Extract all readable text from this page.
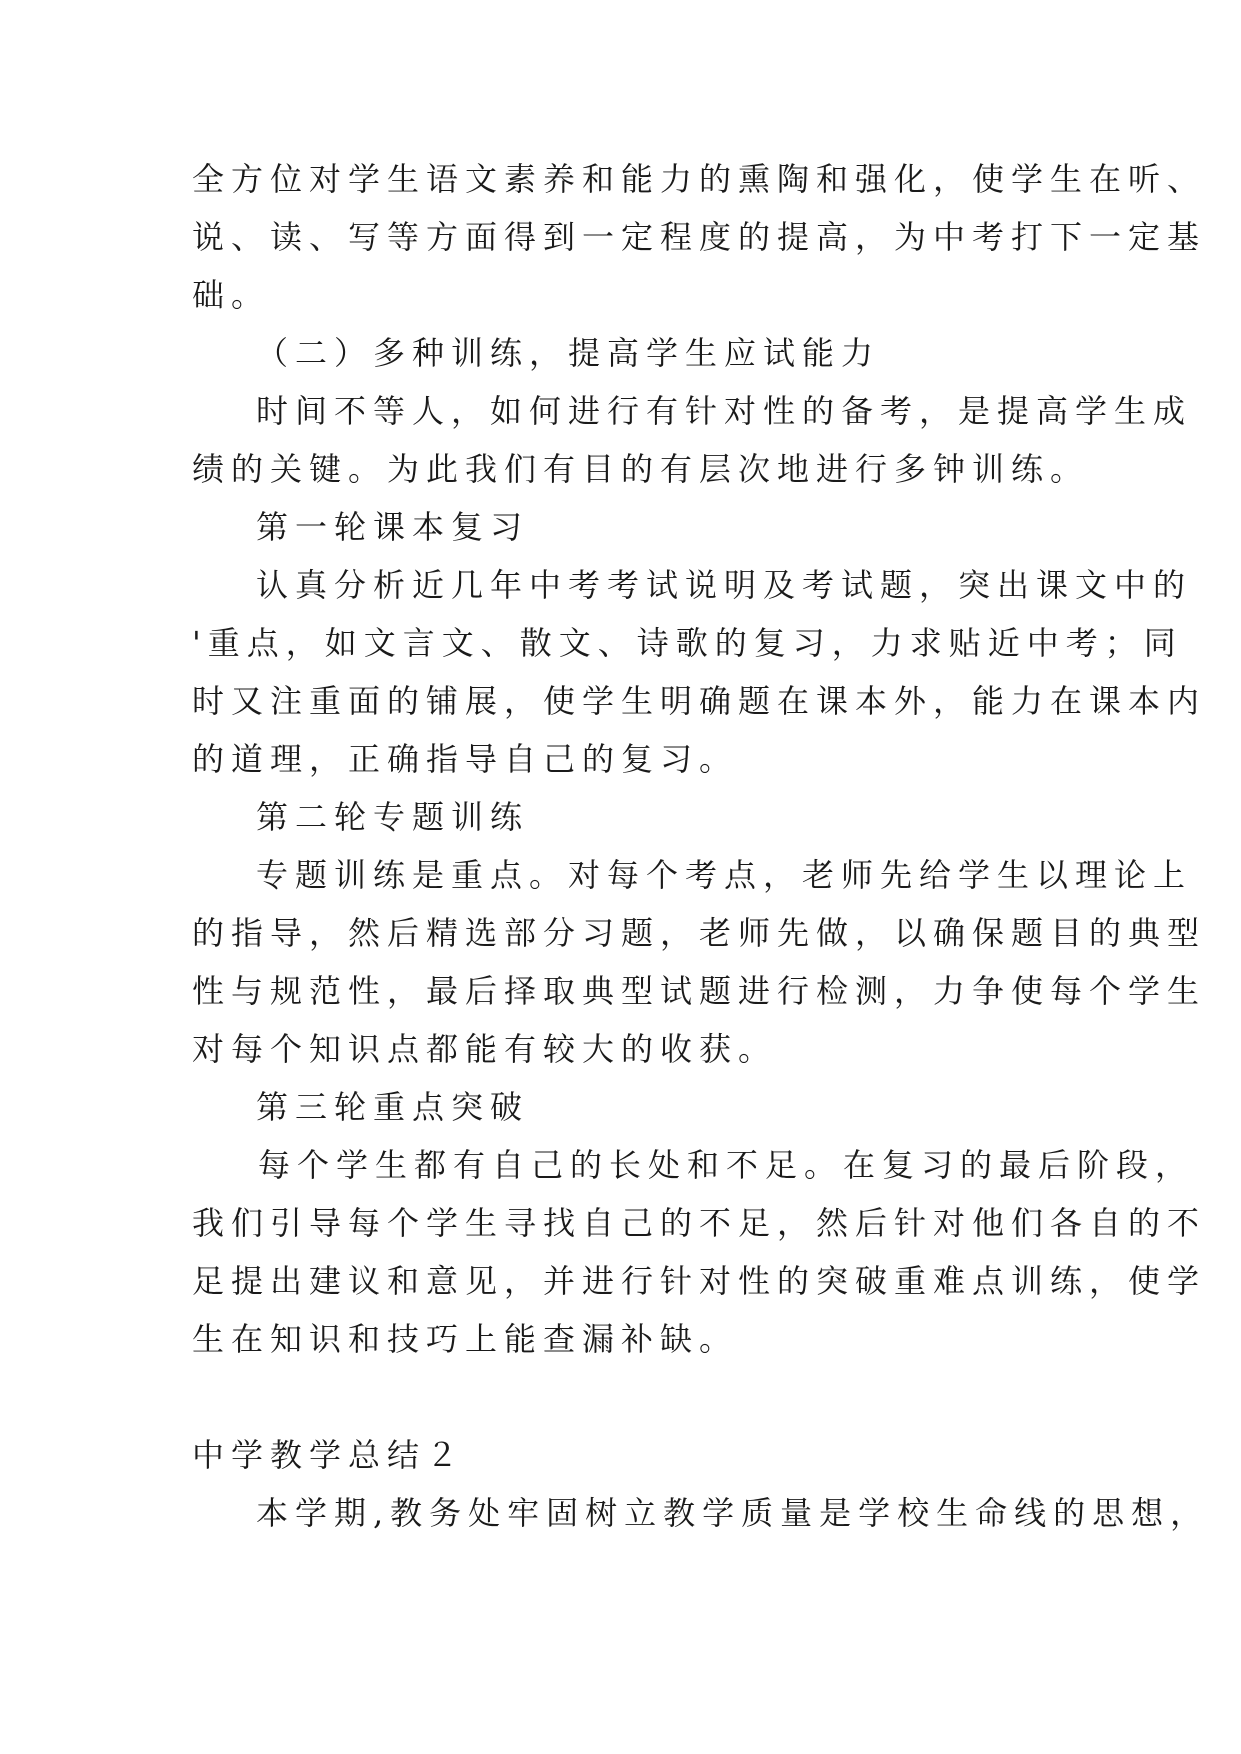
全方位对学生语文素养和能力的熏陶和强化，使学生在听、
说、读、写等方面得到一定程度的提高，为中考打下一定基
础。
（二）多种训练，提高学生应试能力
时间不等人，如何进行有针对性的备考，是提高学生成
绩的关键。为此我们有目的有层次地进行多钟训练。
第一轮课本复习
认真分析近几年中考考试说明及考试题，突出课文中的
'重点，如文言文、散文、诗歌的复习，力求贴近中考；同
时又注重面的铺展，使学生明确题在课本外，能力在课本内
的道理，正确指导自己的复习。
第二轮专题训练
专题训练是重点。对每个考点，老师先给学生以理论上
的指导，然后精选部分习题，老师先做，以确保题目的典型
性与规范性，最后择取典型试题进行检测，力争使每个学生
对每个知识点都能有较大的收获。
第三轮重点突破
每个学生都有自己的长处和不足。在复习的最后阶段，
我们引导每个学生寻找自己的不足，然后针对他们各自的不
足提出建议和意见，并进行针对性的突破重难点训练，使学
生在知识和技巧上能查漏补缺。
中学教学总结２
本学期,教务处牢固树立教学质量是学校生命线的思想，
